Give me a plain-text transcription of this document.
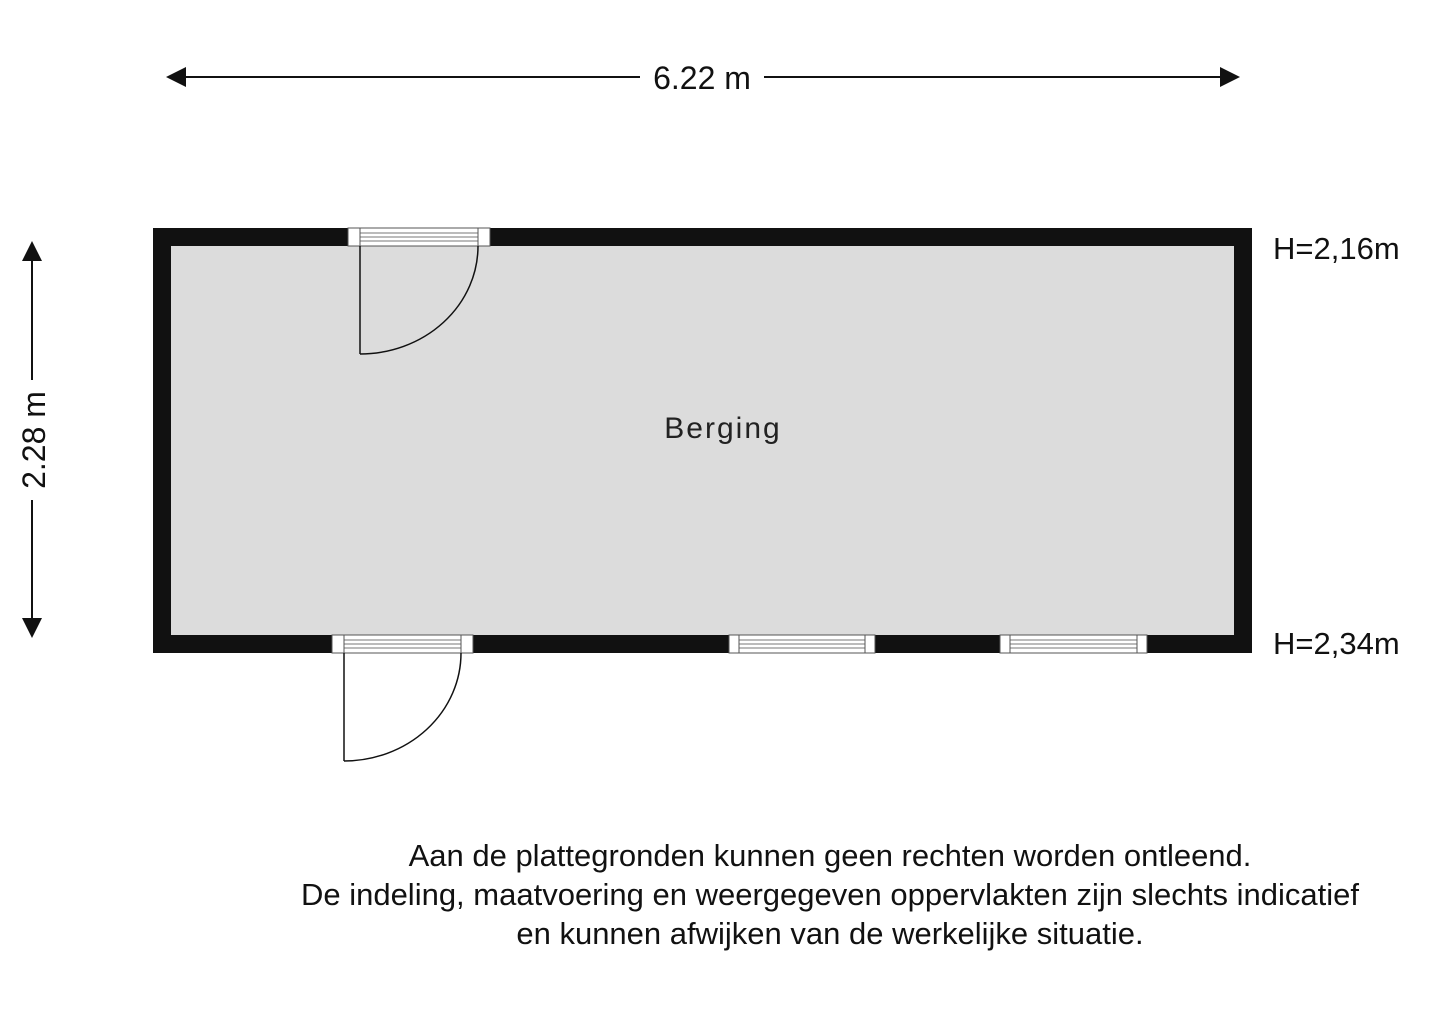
6.22 m
2.28 m	Berging
H=2,16m
H=2,34m
Aan de plattegronden kunnen geen rechten worden ontleend.
De indeling, maatvoering en weergegeven oppervlakten zijn slechts indicatief
en kunnen afwijken van de werkelijke situatie.
